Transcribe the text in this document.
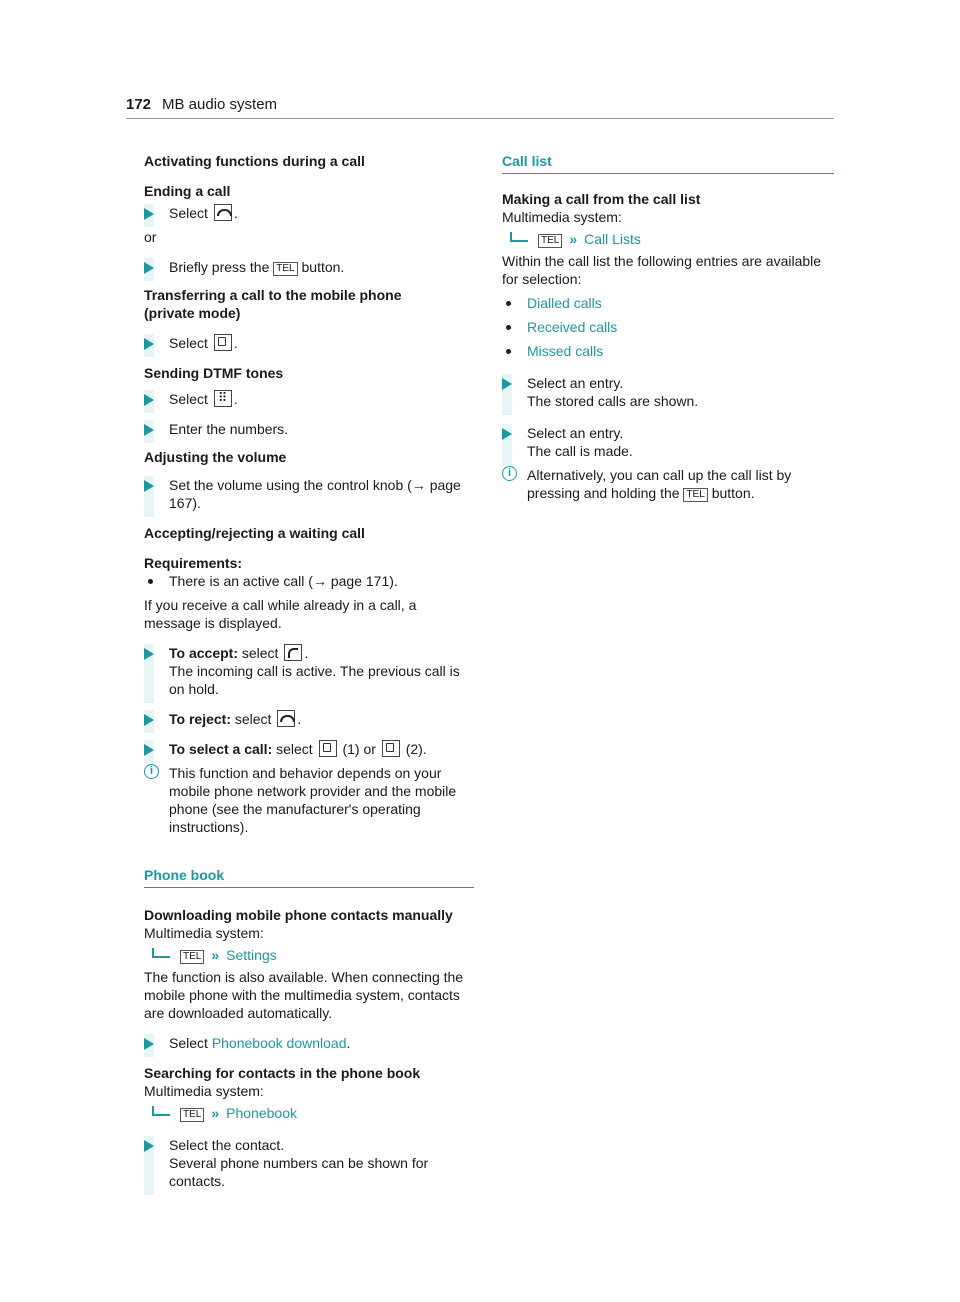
172 MB audio system

Activating functions during a call

Ending a call

Select .

or

Briefly press the TEL button.

Transferring a call to the mobile phone (private mode)

Select .

Sending DTMF tones

Select ⠿ .
Enter the numbers.

Adjusting the volume

Set the volume using the control knob (→ page 167).

Accepting/rejecting a waiting call

Requirements:

There is an active call (→ page 171).

If you receive a call while already in a call, a message is displayed.

To accept: select .
The incoming call is active. The previous call is on hold.
To reject: select .
To select a call: select (1) or (2).
i	This function and behavior depends on your mobile phone network provider and the mobile phone (see the manufacturer's operating instructions).
Phone book

Downloading mobile phone contacts manually

Multimedia system:

TEL » Settings

The function is also available. When connecting the mobile phone with the multimedia system, contacts are downloaded automatically.

Select Phonebook download.

Searching for contacts in the phone book

Multimedia system:

TEL » Phonebook
Select the contact.
Several phone numbers can be shown for contacts.
Call list

Making a call from the call list

Multimedia system:

TEL » Call Lists

Within the call list the following entries are available for selection:

Dialled calls
Received calls
Missed calls
Select an entry.
The stored calls are shown.
Select an entry.
The call is made.
i	Alternatively, you can call up the call list by pressing and holding the TEL button.
